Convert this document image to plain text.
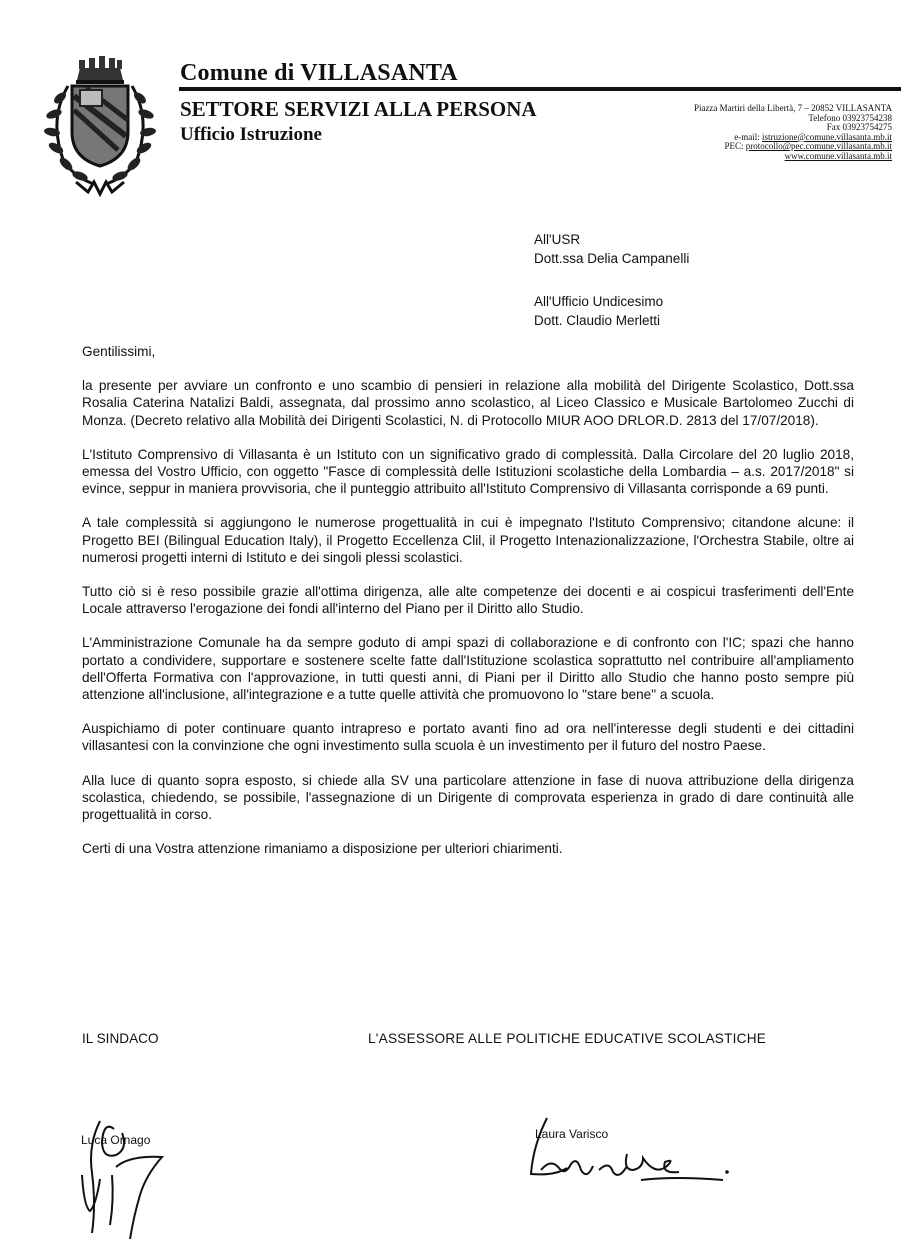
Comune di VILLASANTA
SETTORE SERVIZI ALLA PERSONA
Ufficio Istruzione
Piazza Martiri della Libertà, 7 – 20852 VILLASANTA
Telefono 03923754238
Fax 03923754275
e-mail: istruzione@comune.villasanta.mb.it
PEC: protocollo@pec.comune.villasanta.mb.it
www.comune.villasanta.mb.it
All'USR
Dott.ssa Delia Campanelli
All'Ufficio Undicesimo
Dott. Claudio Merletti

Gentilissimi,

la presente per avviare un confronto e uno scambio di pensieri in relazione alla mobilità del Dirigente Scolastico, Dott.ssa Rosalia Caterina Natalizi Baldi, assegnata, dal prossimo anno scolastico, al Liceo Classico e Musicale Bartolomeo Zucchi di Monza. (Decreto relativo alla Mobilità dei Dirigenti Scolastici, N. di Protocollo MIUR AOO DRLOR.D. 2813 del 17/07/2018).

L'Istituto Comprensivo di Villasanta è un Istituto con un significativo grado di complessità. Dalla Circolare del 20 luglio 2018, emessa del Vostro Ufficio, con oggetto "Fasce di complessità delle Istituzioni scolastiche della Lombardia – a.s. 2017/2018" si evince, seppur in maniera provvisoria, che il punteggio attribuito all'Istituto Comprensivo di Villasanta corrisponde a 69 punti.

A tale complessità si aggiungono le numerose progettualità in cui è impegnato l'Istituto Comprensivo; citandone alcune: il Progetto BEI (Bilingual Education Italy), il Progetto Eccellenza Clil, il Progetto Intenazionalizzazione, l'Orchestra Stabile, oltre ai numerosi progetti interni di Istituto e dei singoli plessi scolastici.

Tutto ciò si è reso possibile grazie all'ottima dirigenza, alle alte competenze dei docenti e ai cospicui trasferimenti dell'Ente Locale attraverso l'erogazione dei fondi all'interno del Piano per il Diritto allo Studio.

L'Amministrazione Comunale ha da sempre goduto di ampi spazi di collaborazione e di confronto con l'IC; spazi che hanno portato a condividere, supportare e sostenere scelte fatte dall'Istituzione scolastica soprattutto nel contribuire all'ampliamento dell'Offerta Formativa con l'approvazione, in tutti questi anni, di Piani per il Diritto allo Studio che hanno posto sempre più attenzione all'inclusione, all'integrazione e a tutte quelle attività che promuovono lo "stare bene" a scuola.

Auspichiamo di poter continuare quanto intrapreso e portato avanti fino ad ora nell'interesse degli studenti e dei cittadini villasantesi con la convinzione che ogni investimento sulla scuola è un investimento per il futuro del nostro Paese.

Alla luce di quanto sopra esposto, si chiede alla SV una particolare attenzione in fase di nuova attribuzione della dirigenza scolastica, chiedendo, se possibile, l'assegnazione di un Dirigente di comprovata esperienza in grado di dare continuità alle progettualità in corso.

Certi di una Vostra attenzione rimaniamo a disposizione per ulteriori chiarimenti.

IL SINDACO	L'ASSESSORE ALLE POLITICHE EDUCATIVE SCOLASTICHE
Luca Ornago	Laura Varisco
